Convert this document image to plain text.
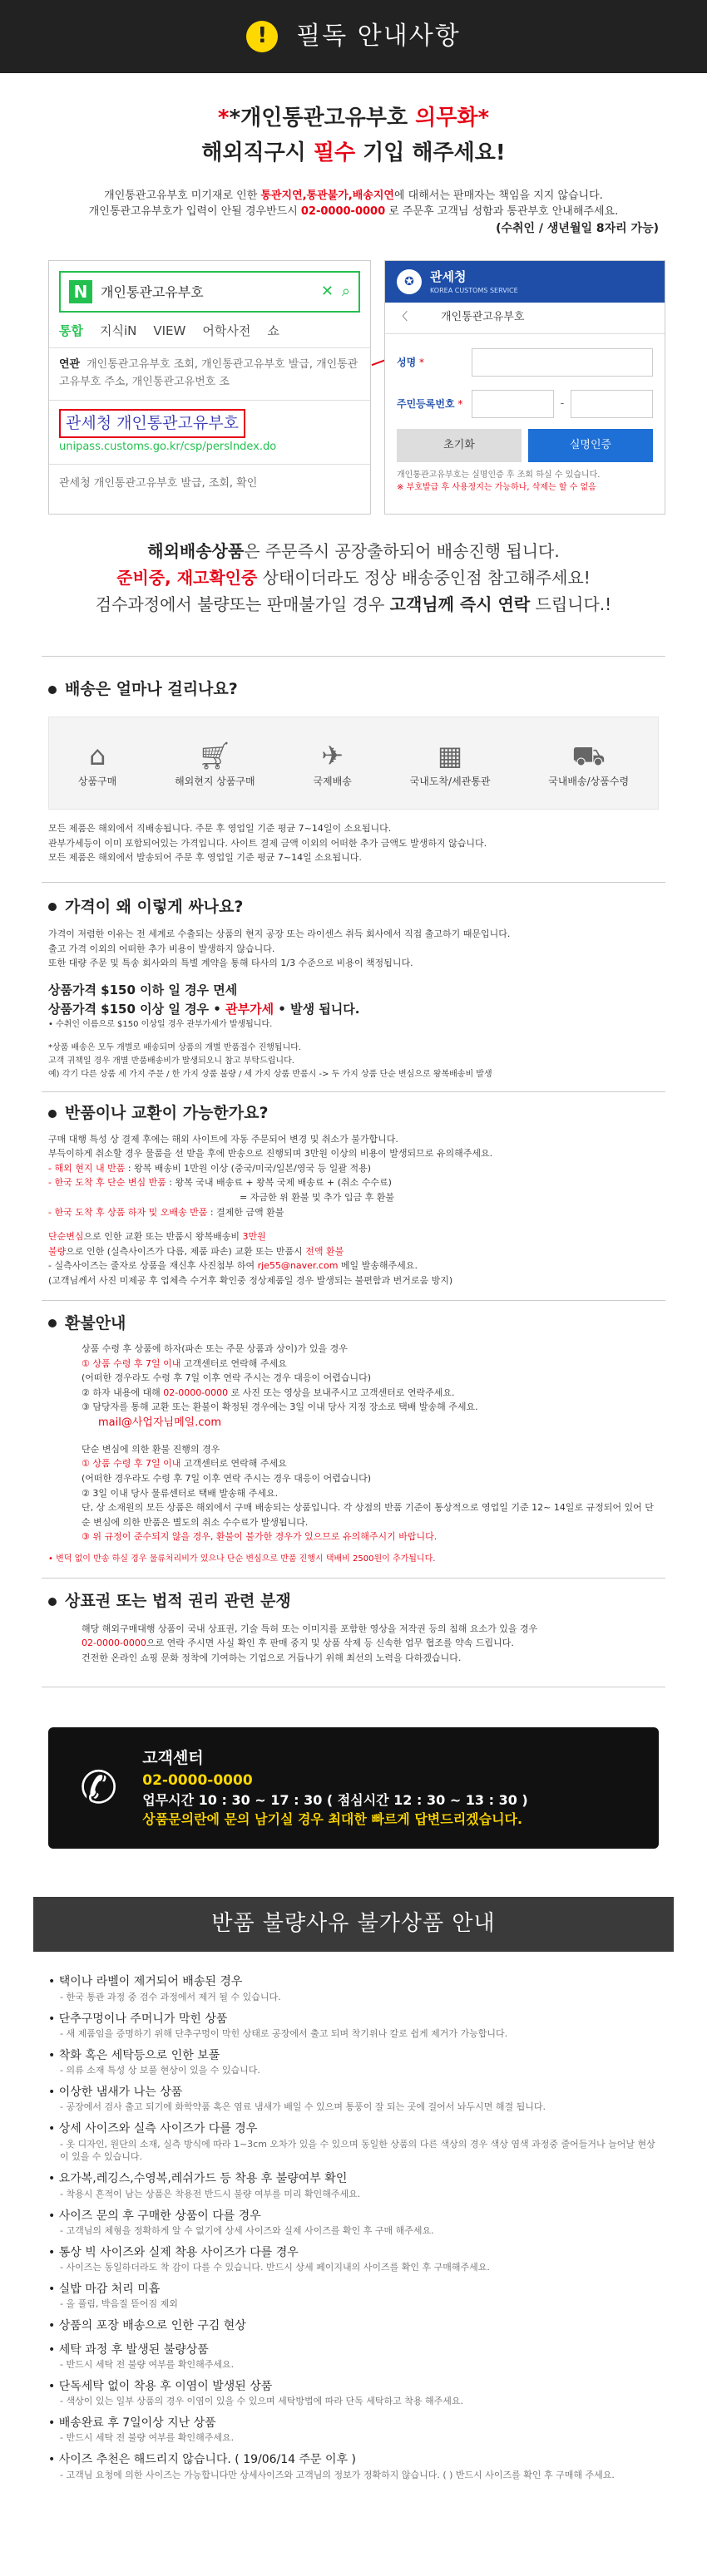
!	필독 안내사항
**개인통관고유부호 의무화*
해외직구시 필수 기입 해주세요!
개인통관고유부호 미기재로 인한 통관지연,통관불가,배송지연에 대해서는 판매자는 책임을 지지 않습니다.
개인통관고유부호가 입력이 안될 경우반드시 02-0000-0000 로 주문후 고객님 성함과 통관부호 안내해주세요.
(수취인 / 생년월일 8자리 가능)
N 개인통관고유부호	✕ ⌕
통합 지식iN VIEW 어학사전 쇼
연관 개인통관고유부호 조회, 개인통관고유부호 발급, 개인통관고유부호 주소, 개인통관고유번호 조
관세청 개인통관고유부호
unipass.customs.go.kr/csp/persIndex.do
관세청 개인통관고유부호 발급, 조회, 확인
✪	관세청
KOREA CUSTOMS SERVICE
〈	개인통관고유부호
성명 *
주민등록번호 *	-
초기화	실명인증
개인통관고유부호는 실명인증 후 조회 하실 수 있습니다.
※ 부호발급 후 사용정지는 가능하나, 삭제는 할 수 없음
해외배송상품은 주문즉시 공장출하되어 배송진행 됩니다.
준비중, 재고확인중 상태이더라도 정상 배송중인점 참고해주세요!
검수과정에서 불량또는 판매불가일 경우 고객님께 즉시 연락 드립니다.!
배송은 얼마나 걸리나요?
⌂
상품구매
🛒︎
해외현지 상품구매
✈
국제배송
▦
국내도착/세관통관
⛟
국내배송/상품수령
모든 제품은 해외에서 직배송됩니다. 주문 후 영업일 기준 평균 7~14일이 소요됩니다.
관부가세등이 이미 포함되어있는 가격입니다. 사이트 결제 금액 이외의 어떠한 추가 금액도 발생하지 않습니다.
모든 제품은 해외에서 발송되어 주문 후 영업일 기준 평균 7~14일 소요됩니다.
가격이 왜 이렇게 싸나요?
가격이 저렴한 이유는 전 세계로 수출되는 상품의 현지 공장 또는 라이센스 취득 회사에서 직접 출고하기 때문입니다.
출고 가격 이외의 어떠한 추가 비용이 발생하지 않습니다.
또한 대량 주문 및 특송 회사와의 특별 계약을 통해 타사의 1/3 수준으로 비용이 책정됩니다.
상품가격 $150 이하 일 경우 면세
상품가격 $150 이상 일 경우 • 관부가세 • 발생 됩니다.
• 수취인 이름으로 $150 이상일 경우 관부가세가 발생됩니다.
*상품 배송은 모두 개별로 배송되며 상품의 개별 반품접수 진행됩니다.
고객 귀책일 경우 개별 반품배송비가 발생되오니 참고 부탁드립니다.
예) 각기 다른 상품 세 가지 주문 / 한 가지 상품 불량 / 세 가지 상품 반품시 -> 두 가지 상품 단순 변심으로 왕복배송비 발생
반품이나 교환이 가능한가요?
구매 대행 특성 상 결제 후에는 해외 사이트에 자동 주문되어 변경 및 취소가 불가합니다.
부득이하게 취소할 경우 물품을 선 받을 후에 반송으로 진행되며 3만원 이상의 비용이 발생되므로 유의해주세요.
- 해외 현지 내 반품 : 왕복 배송비 1만원 이상 (중국/미국/일본/영국 등 일괄 적용)
- 한국 도착 후 단순 변심 반품 : 왕복 국내 배송료 + 왕복 국제 배송료 + (취소 수수료)
= 자금한 위 환불 및 추가 입금 후 환불
- 한국 도착 후 상품 하자 및 오배송 반품 : 결제한 금액 환불
단순변심으로 인한 교환 또는 반품시 왕복배송비 3만원
불량으로 인한 (실측사이즈가 다름, 제품 파손) 교환 또는 반품시 전액 환불
- 실측사이즈는 줄자로 상품을 재신후 사진첨부 하여 rje55@naver.com 메일 발송해주세요.
(고객님께서 사진 미제공 후 업체측 수거후 확인중 정상제품일 경우 발생되는 불편함과 번거로움 방지)
환불안내
상품 수령 후 상품에 하자(파손 또는 주문 상품과 상이)가 있을 경우
① 상품 수령 후 7일 이내 고객센터로 연락해 주세요
(어떠한 경우라도 수령 후 7일 이후 연락 주시는 경우 대응이 어렵습니다)
② 하자 내용에 대해 02-0000-0000 로 사진 또는 영상을 보내주시고 고객센터로 연락주세요.
③ 담당자를 통해 교환 또는 환불이 확정된 경우에는 3일 이내 당사 지정 장소로 택배 발송해 주세요.
mail@사업자님메일.com
단순 변심에 의한 환불 진행의 경우
① 상품 수령 후 7일 이내 고객센터로 연락해 주세요
(어떠한 경우라도 수령 후 7일 이후 연락 주시는 경우 대응이 어렵습니다)
② 3일 이내 당사 물류센터로 택배 발송해 주세요.
단, 상 소재원의 모든 상품은 해외에서 구매 배송되는 상품입니다. 각 상점의 반품 기준이 통상적으로 영업일 기준 12~ 14일로 규정되어 있어 단순 변심에 의한 반품은 별도의 취소 수수료가 발생됩니다.
③ 위 규정이 준수되지 않을 경우, 환불이 불가한 경우가 있으므로 유의해주시기 바랍니다.
• 변덕 없이 반송 하실 경우 물류처리비가 있으나 단순 변심으로 반품 진행시 택배비 2500원이 추가됩니다.
상표권 또는 법적 권리 관련 분쟁
해당 해외구매대행 상품이 국내 상표권, 기술 특허 또는 이미지를 포함한 영상을 저작권 등의 침해 요소가 있을 경우
02-0000-0000으로 연락 주시면 사실 확인 후 판매 중지 및 상품 삭제 등 신속한 업무 협조를 약속 드립니다.
건전한 온라인 쇼핑 문화 정착에 기여하는 기업으로 거듭나기 위해 최선의 노력을 다하겠습니다.
✆
고객센터
02-0000-0000
업무시간 10 : 30 ~ 17 : 30 ( 점심시간 12 : 30 ~ 13 : 30 )
상품문의란에 문의 남기실 경우 최대한 빠르게 답변드리겠습니다.
반품 불량사유 불가상품 안내
• 택이나 라벨이 제거되어 배송된 경우
- 한국 통관 과정 중 검수 과정에서 제거 될 수 있습니다.
• 단추구멍이나 주머니가 막힌 상품
- 새 제품임을 증명하기 위해 단추구멍이 막힌 상태로 공장에서 출고 되며 착기위나 칼로 쉽게 제거가 가능합니다.
• 착화 혹은 세탁등으로 인한 보풀
- 의류 소재 특성 상 보풀 현상이 있을 수 있습니다.
• 이상한 냄새가 나는 상품
- 공장에서 검사 출고 되기에 화학약품 혹은 염료 냄새가 배일 수 있으며 통풍이 잘 되는 곳에 걸어서 놔두시면 해결 됩니다.
• 상세 사이즈와 실측 사이즈가 다를 경우
- 옷 디자인, 원단의 소재, 실측 방식에 따라 1~3cm 오차가 있을 수 있으며 동일한 상품의 다른 색상의 경우 색상 염색 과정중 줄어들거나 늘어날 현상이 있을 수 있습니다.
• 요가복,레깅스,수영복,레쉬가드 등 착용 후 불량여부 확인
- 착용시 흔적이 남는 상품은 착용전 반드시 불량 여부를 미리 확인해주세요.
• 사이즈 문의 후 구매한 상품이 다를 경우
- 고객님의 체형을 정확하게 알 수 없기에 상세 사이즈와 실제 사이즈를 확인 후 구매 해주세요.
• 통상 빅 사이즈와 실제 착용 사이즈가 다를 경우
- 사이즈는 동일하더라도 착 감이 다를 수 있습니다. 반드시 상세 페이지내의 사이즈를 확인 후 구매해주세요.
• 실밥 마감 처리 미흡
- 올 풀림, 박음질 뜯어짐 제외
• 상품의 포장 배송으로 인한 구김 현상
• 세탁 과정 후 발생된 불량상품
- 반드시 세탁 전 불량 여부를 확인해주세요.
• 단독세탁 없이 착용 후 이염이 발생된 상품
- 색상이 있는 일부 상품의 경우 이염이 있을 수 있으며 세탁방법에 따라 단독 세탁하고 착용 해주세요.
• 배송완료 후 7일이상 지난 상품
- 반드시 세탁 전 불량 여부를 확인해주세요.
• 사이즈 추천은 해드리지 않습니다. ( 19/06/14 주문 이후 )
- 고객님 요청에 의한 사이즈는 가능합니다만 상세사이즈와 고객님의 정보가 정확하지 않습니다. ( ) 반드시 사이즈를 확인 후 구매해 주세요.
